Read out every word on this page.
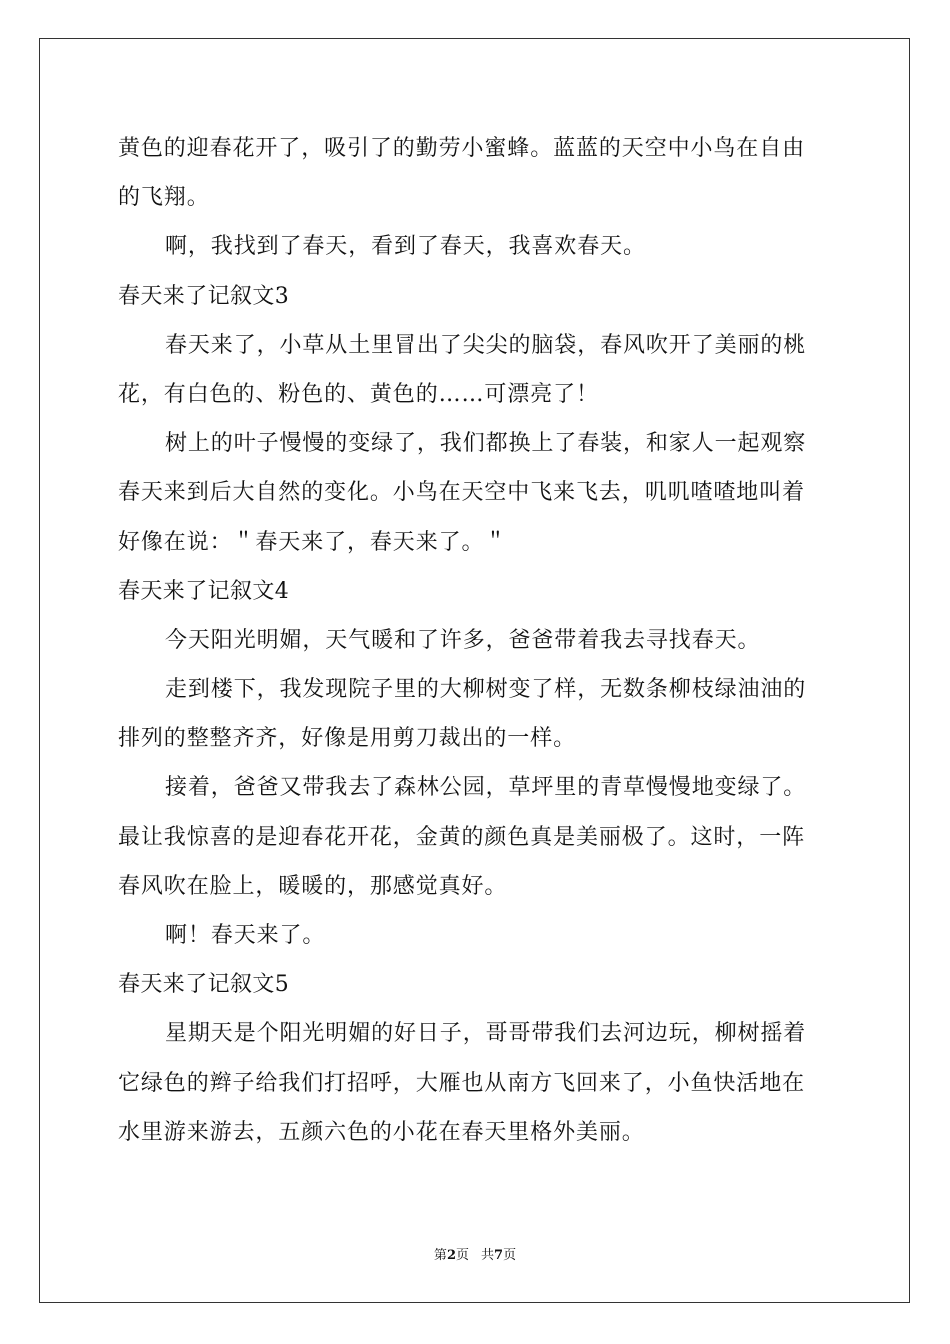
黄色的迎春花开了，吸引了的勤劳小蜜蜂。蓝蓝的天空中小鸟在自由
的飞翔。
啊，我找到了春天，看到了春天，我喜欢春天。
春天来了记叙文3
春天来了，小草从土里冒出了尖尖的脑袋，春风吹开了美丽的桃
花，有白色的、粉色的、黄色的……可漂亮了！
树上的叶子慢慢的变绿了，我们都换上了春装，和家人一起观察
春天来到后大自然的变化。小鸟在天空中飞来飞去，叽叽喳喳地叫着
好像在说：＂春天来了，春天来了。＂
春天来了记叙文4
今天阳光明媚，天气暖和了许多，爸爸带着我去寻找春天。
走到楼下，我发现院子里的大柳树变了样，无数条柳枝绿油油的
排列的整整齐齐，好像是用剪刀裁出的一样。
接着，爸爸又带我去了森林公园，草坪里的青草慢慢地变绿了。
最让我惊喜的是迎春花开花，金黄的颜色真是美丽极了。这时，一阵
春风吹在脸上，暖暖的，那感觉真好。
啊！春天来了。
春天来了记叙文5
星期天是个阳光明媚的好日子，哥哥带我们去河边玩，柳树摇着
它绿色的辫子给我们打招呼，大雁也从南方飞回来了，小鱼快活地在
水里游来游去，五颜六色的小花在春天里格外美丽。
第2页 共7页
